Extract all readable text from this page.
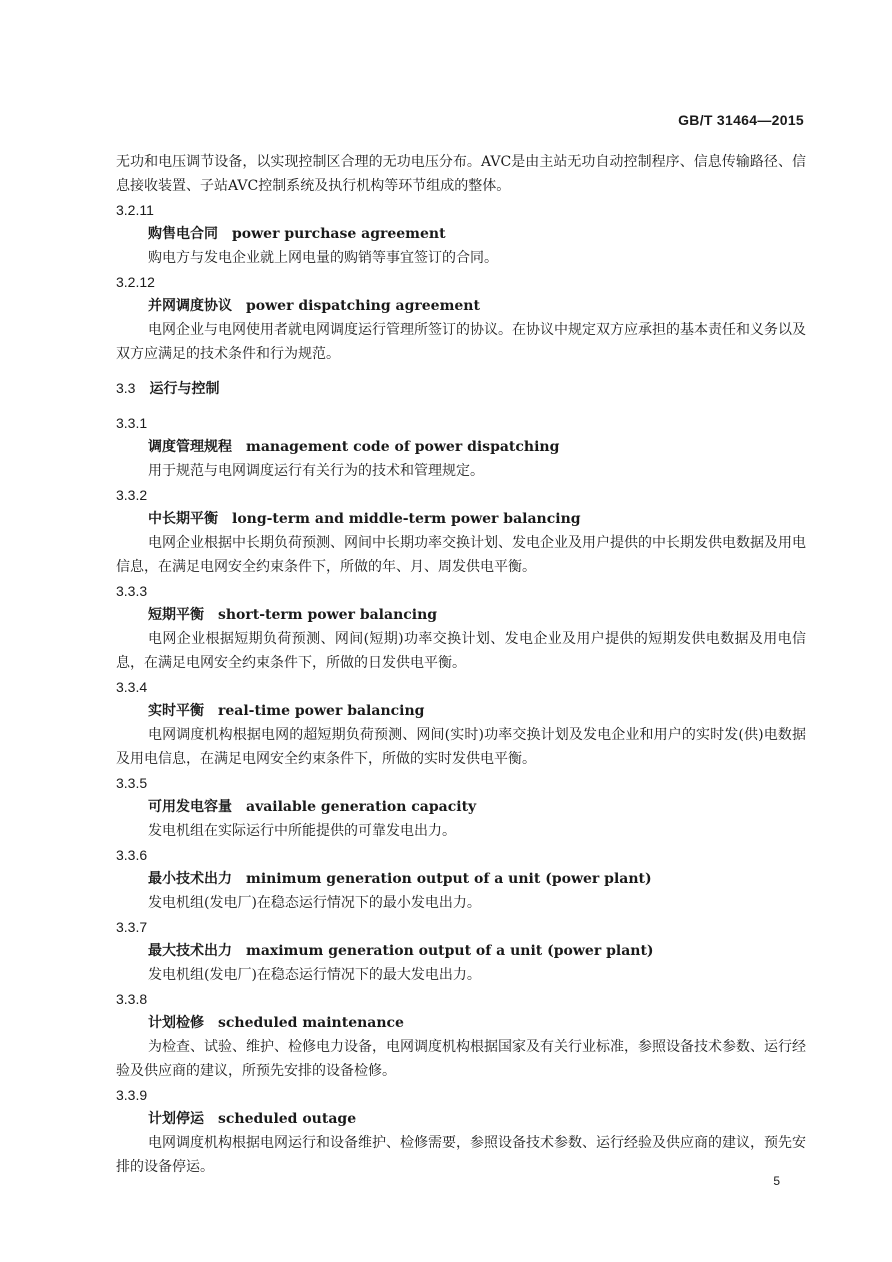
GB/T 31464—2015

无功和电压调节设备，以实现控制区合理的无功电压分布。AVC是由主站无功自动控制程序、信息传输路径、信息接收装置、子站AVC控制系统及执行机构等环节组成的整体。

3.2.11

购售电合同 power purchase agreement

购电方与发电企业就上网电量的购销等事宜签订的合同。

3.2.12

并网调度协议 power dispatching agreement

电网企业与电网使用者就电网调度运行管理所签订的协议。在协议中规定双方应承担的基本责任和义务以及双方应满足的技术条件和行为规范。

3.3 运行与控制

3.3.1

调度管理规程 management code of power dispatching

用于规范与电网调度运行有关行为的技术和管理规定。

3.3.2

中长期平衡 long-term and middle-term power balancing

电网企业根据中长期负荷预测、网间中长期功率交换计划、发电企业及用户提供的中长期发供电数据及用电信息，在满足电网安全约束条件下，所做的年、月、周发供电平衡。

3.3.3

短期平衡 short-term power balancing

电网企业根据短期负荷预测、网间(短期)功率交换计划、发电企业及用户提供的短期发供电数据及用电信息，在满足电网安全约束条件下，所做的日发供电平衡。

3.3.4

实时平衡 real-time power balancing

电网调度机构根据电网的超短期负荷预测、网间(实时)功率交换计划及发电企业和用户的实时发(供)电数据及用电信息，在满足电网安全约束条件下，所做的实时发供电平衡。

3.3.5

可用发电容量 available generation capacity

发电机组在实际运行中所能提供的可靠发电出力。

3.3.6

最小技术出力 minimum generation output of a unit (power plant)

发电机组(发电厂)在稳态运行情况下的最小发电出力。

3.3.7

最大技术出力 maximum generation output of a unit (power plant)

发电机组(发电厂)在稳态运行情况下的最大发电出力。

3.3.8

计划检修 scheduled maintenance

为检查、试验、维护、检修电力设备，电网调度机构根据国家及有关行业标准，参照设备技术参数、运行经验及供应商的建议，所预先安排的设备检修。

3.3.9

计划停运 scheduled outage

电网调度机构根据电网运行和设备维护、检修需要，参照设备技术参数、运行经验及供应商的建议，预先安排的设备停运。

5
